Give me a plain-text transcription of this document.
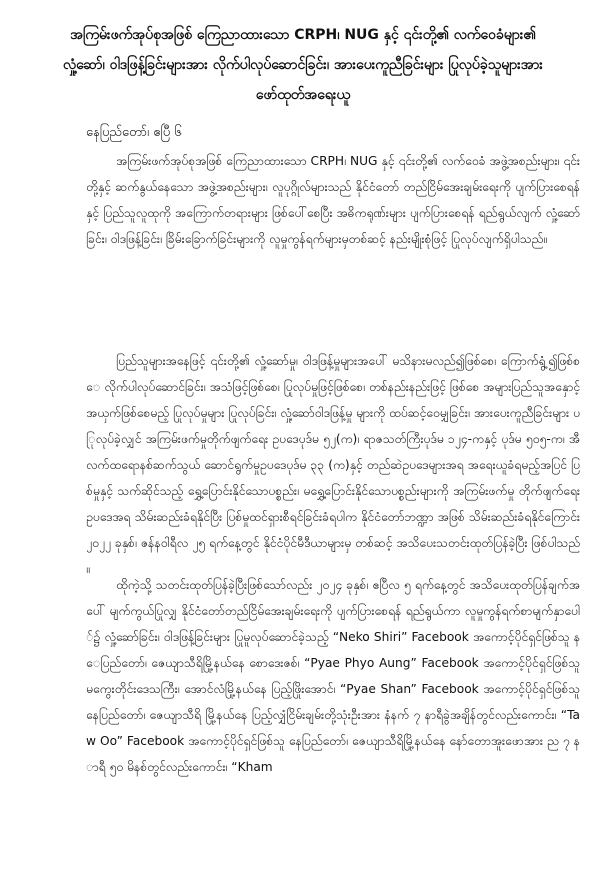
အကြမ်းဖက်အုပ်စုအဖြစ် ကြေညာထားသော CRPH၊ NUG နှင့် ၎င်းတို့၏ လက်ဝေခံများ၏ လှုံ့ဆော်၊ ဝါဒဖြန့်ခြင်းများအား လိုက်ပါလုပ်ဆောင်ခြင်း၊ အားပေးကူညီခြင်းများ ပြုလုပ်ခဲ့သူများအား ဖော်ထုတ်အရေးယူ

နေပြည်တော်၊ ဧပြီ ၆

အကြမ်းဖက်အုပ်စုအဖြစ် ကြေညာထားသော CRPH၊ NUG နှင့် ၎င်းတို့၏ လက်ဝေခံ အဖွဲ့အစည်းများ၊ ၎င်းတို့နှင့် ဆက်နွယ်နေသော အဖွဲ့အစည်းများ၊ လူပုဂ္ဂိုလ်များသည် နိုင်ငံတော် တည်ငြိမ်အေးချမ်းရေးကို ပျက်ပြားစေရန်နှင့် ပြည်သူလူထုကို အကြောက်တရားများ ဖြစ်ပေါ်စေပြီး အဓိကရုဏ်းများ ပျက်ပြားစေရန် ရည်ရွယ်လျက် လှုံ့ဆော်ခြင်း၊ ဝါဒဖြန့်ခြင်း၊ ခြိမ်းခြောက်ခြင်းများကို လူမှုကွန်ရက်များမှတစ်ဆင့် နည်းမျိုးစုံဖြင့် ပြုလုပ်လျက်ရှိပါသည်။

ပြည်သူများအနေဖြင့် ၎င်းတို့၏ လှုံ့ဆော်မှု၊ ဝါဒဖြန့်မှုများအပေါ် မသိနားမလည်၍ဖြစ်စေ၊ ကြောက်ရွံ့၍ဖြစ်စေ လိုက်ပါလုပ်ဆောင်ခြင်း၊ အသံဖြင့်ဖြစ်စေ၊ ပြုလုပ်မှုဖြင့်ဖြစ်စေ၊ တစ်နည်းနည်းဖြင့် ဖြစ်စေ အများပြည်သူအနှောင့်အယှက်ဖြစ်စေမည့် ပြုလုပ်မှုများ ပြုလုပ်ခြင်း၊ လှုံ့ဆော်ဝါဒဖြန့်မှု များကို ထပ်ဆင့်ဝေမျှခြင်း၊ အားပေးကူညီခြင်းများ ပြုလုပ်ခဲ့လျှင် အကြမ်းဖက်မှုတိုက်ဖျက်ရေး ဥပဒေပုဒ်မ ၅၂(က)၊ ရာဇသတ်ကြီးပုဒ်မ ၁၂၄-ကနှင့် ပုဒ်မ ၅၀၅-က၊ အီလက်ထရောနစ်ဆက်သွယ် ဆောင်ရွက်မှုဥပဒေပုဒ်မ ၃၃ (က)နှင့် တည်ဆဲဥပဒေများအရ အရေးယူခံရမည့်အပြင် ပြစ်မှုနှင့် သက်ဆိုင်သည့် ရွှေ့ပြောင်းနိုင်သောပစ္စည်း၊ မရွှေ့ပြောင်းနိုင်သောပစ္စည်းများကို အကြမ်းဖက်မှု တိုက်ဖျက်ရေးဥပဒေအရ သိမ်းဆည်းခံရနိုင်ပြီး ပြစ်မှုထင်ရှားစီရင်ခြင်းခံရပါက နိုင်ငံတော်ဘဏ္ဍာ အဖြစ် သိမ်းဆည်းခံရနိုင်ကြောင်း ၂၀၂၂ ခုနှစ်၊ ဇန်နဝါရီလ ၂၅ ရက်နေ့တွင် နိုင်ငံပိုင်မီဒီယာများမှ တစ်ဆင့် အသိပေးသတင်းထုတ်ပြန်ခဲ့ပြီး ဖြစ်ပါသည်။

ထိုကဲ့သို့ သတင်းထုတ်ပြန်ခဲ့ပြီးဖြစ်သော်လည်း ၂၀၂၄ ခုနှစ်၊ ဧပြီလ ၅ ရက်နေ့တွင် အသိပေးထုတ်ပြန်ချက်အပေါ် မျက်ကွယ်ပြုလျှ နိုင်ငံတော်တည်ငြိမ်အေးချမ်းရေးကို ပျက်ပြားစေရန် ရည်ရွယ်ကာ လူမှုကွန်ရက်စာမျက်နှာပေါ်၌ လှုံ့ဆော်ခြင်း၊ ဝါဒဖြန့်ခြင်းများ ပြုမူလုပ်ဆောင်ခဲ့သည့် “Neko Shiri” Facebook အကောင့်ပိုင်ရှင်ဖြစ်သူ နေပြည်တော်၊ ဇေယျာသီရိမြို့နယ်နေ စောဒေးဇစ်၊ “Pyae Phyo Aung” Facebook အကောင့်ပိုင်ရှင်ဖြစ်သူ မကွေးတိုင်းဒေသကြီး၊ အောင်လံမြို့နယ်နေ ပြည့်ဖြိုးအောင်၊ “Pyae Shan” Facebook အကောင့်ပိုင်ရှင်ဖြစ်သူ နေပြည်တော်၊ ဇေယျာသီရိ မြို့နယ်နေ ပြည့်လျှံငြိမ်းချမ်းတို့သုံးဦးအား နံနက် ၇ နာရီခွဲအချိန်တွင်လည်းကောင်း၊ “Taw Oo” Facebook အကောင့်ပိုင်ရှင်ဖြစ်သူ နေပြည်တော်၊ ဇေယျာသီရိမြို့နယ်နေ နော်တောအူးဖောအား ည ၇ နာရီ ၅၀ မိနစ်တွင်လည်းကောင်း၊ “Kham
